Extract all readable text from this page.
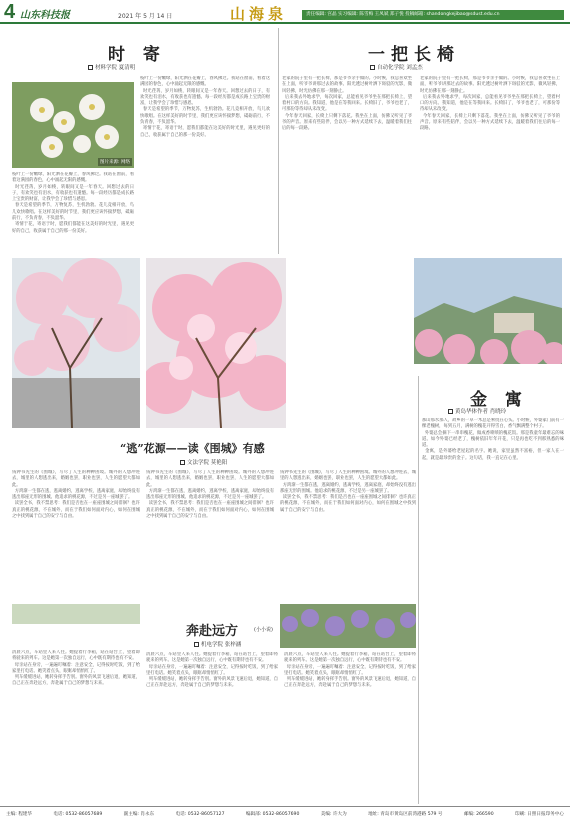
4 山东科技报	2021 年 5 月 14 日	山海泉	责任编辑: 宫晶 实习编辑: 陈雪梅 王凤斌 郑子悦 投稿邮箱: shandongkejibao@sdust.edu.cn
时 寄
材料学院 夏清明
图片来源: 网络
枝叶上一份嫩绿，阳光洒在花瓣上，春风拂过。我站在窗前，看着这满园的春色，心中涌起无限的感慨。
时光荏苒，岁月如梭，转眼间又是一年春天。回想过去的日子，有欢笑也有泪水，有收获也有遗憾。每一段经历都是成长路上宝贵的财富，让我学会了珍惜与感恩。
春天是希望的季节，万物复苏，生机勃勃。花儿竞相开放，鸟儿欢快歌唱。在这样美好的时节里，我们更应该怀揣梦想，砥砺前行，不负青春，不负韶华。
寄情于花，寄语于时，愿我们都能在这美好的时光里，遇见更好的自己，收获属于自己的那一份美好。
枝叶上一份嫩绿，阳光洒在花瓣上，春风拂过。我站在窗前，看着这满园的春色，心中涌起无限的感慨。
时光荏苒，岁月如梭，转眼间又是一年春天。回想过去的日子，有欢笑也有泪水，有收获也有遗憾。每一段经历都是成长路上宝贵的财富，让我学会了珍惜与感恩。
春天是希望的季节，万物复苏，生机勃勃。花儿竞相开放，鸟儿欢快歌唱。在这样美好的时节里，我们更应该怀揣梦想，砥砺前行，不负青春，不负韶华。
寄情于花，寄语于时，愿我们都能在这美好的时光里，遇见更好的自己，收获属于自己的那一份美好。
一把长椅
自动化学院 刘孟杰
老家的院子里有一把长椅，那是爷爷亲手做的。小时候，我总喜欢坐在上面，听爷爷讲那过去的故事。阳光透过树叶洒下斑驳的光影，微风轻拂，时光仿佛在那一刻静止。
后来我去外地求学，每次回家，总能看见爷爷坐在那把长椅上，望着村口的方向。我知道，他是在等我回来。长椅旧了，爷爷也老了，可那份等待却从未改变。
今年春天回家，长椅上只剩下落花。我坐在上面，仿佛又听见了爷爷的声音。原来有些陪伴，会以另一种方式延续下去，温暖着我们往后的每一段路。
老家的院子里有一把长椅，那是爷爷亲手做的。小时候，我总喜欢坐在上面，听爷爷讲那过去的故事。阳光透过树叶洒下斑驳的光影，微风轻拂，时光仿佛在那一刻静止。
后来我去外地求学，每次回家，总能看见爷爷坐在那把长椅上，望着村口的方向。我知道，他是在等我回来。长椅旧了，爷爷也老了，可那份等待却从未改变。
今年春天回家，长椅上只剩下落花。我坐在上面，仿佛又听见了爷爷的声音。原来有些陪伴，会以另一种方式延续下去，温暖着我们往后的每一段路。
金 寓
黄岛华体作者 肖晓玲
那山那水那人，故乡的一草一木总是萦绕在心头。小时候，外婆家门前有一棵老槐树，每到五月，满树的槐花开得雪白，香气飘满整个村子。
外婆总会摘下一串串槐花，做成香喷喷的槐花饭。那是我童年最难忘的味道。如今外婆已经老了，槐树依旧年年开花，只是再也吃不到那熟悉的味道。
金寓，是外婆给老屋起的名字。她说，家里虽然不富裕，但一家人在一起，就是最珍贵的金子。这句话，我一直记在心里。
“逃”花源——读《围城》有感
文法学院 莫艳阳
钱钟书先生的《围城》，写尽了人生的种种困境。城外的人想冲进去，城里的人想逃出来，婚姻也罢，职业也罢，人生的愿望大都如此。
方鸿渐一生都在逃，逃离婚约，逃离学校，逃离家庭，却始终没有逃出那座无形的围城。他追求的桃花源，不过是另一座城罢了。
读罢全书，我不禁思考：我们是否也在一座座围城之间徘徊？也许真正的桃花源，不在城外，而在于我们如何面对内心，如何在围城之中找到属于自己的安宁与自由。
钱钟书先生的《围城》，写尽了人生的种种困境。城外的人想冲进去，城里的人想逃出来，婚姻也罢，职业也罢，人生的愿望大都如此。
方鸿渐一生都在逃，逃离婚约，逃离学校，逃离家庭，却始终没有逃出那座无形的围城。他追求的桃花源，不过是另一座城罢了。
读罢全书，我不禁思考：我们是否也在一座座围城之间徘徊？也许真正的桃花源，不在城外，而在于我们如何面对内心，如何在围城之中找到属于自己的安宁与自由。
钱钟书先生的《围城》，写尽了人生的种种困境。城外的人想冲进去，城里的人想逃出来，婚姻也罢，职业也罢，人生的愿望大都如此。
方鸿渐一生都在逃，逃离婚约，逃离学校，逃离家庭，却始终没有逃出那座无形的围城。他追求的桃花源，不过是另一座城罢了。
读罢全书，我不禁思考：我们是否也在一座座围城之间徘徊？也许真正的桃花源，不在城外，而在于我们如何面对内心，如何在围城之中找到属于自己的安宁与自由。
奔赴远方	(小小说)
机电学院 张梓涵
清晨六点，车站里人来人往。她提着行李箱，站在站台上，望着即将驶来的列车。这是她第一次独自远行，心中既有期待也有不安。
母亲站在身旁，一遍遍叮嘱着：注意安全，记得按时吃饭，到了给家里打电话。她笑着点头，眼眶却悄悄红了。
列车缓缓进站，她转身挥手告别。窗外的风景飞速后退，她知道，自己正在奔赴远方，奔赴属于自己的梦想与未来。
清晨六点，车站里人来人往。她提着行李箱，站在站台上，望着即将驶来的列车。这是她第一次独自远行，心中既有期待也有不安。
母亲站在身旁，一遍遍叮嘱着：注意安全，记得按时吃饭，到了给家里打电话。她笑着点头，眼眶却悄悄红了。
列车缓缓进站，她转身挥手告别。窗外的风景飞速后退，她知道，自己正在奔赴远方，奔赴属于自己的梦想与未来。
清晨六点，车站里人来人往。她提着行李箱，站在站台上，望着即将驶来的列车。这是她第一次独自远行，心中既有期待也有不安。
母亲站在身旁，一遍遍叮嘱着：注意安全，记得按时吃饭，到了给家里打电话。她笑着点头，眼眶却悄悄红了。
列车缓缓进站，她转身挥手告别。窗外的风景飞速后退，她知道，自己正在奔赴远方，奔赴属于自己的梦想与未来。
主编: 程建华	电话: 0532-86057689	副主编: 肖永东	电话: 0532-86057127	编辑部: 0532-86057690	美编: 许大为	地址: 青岛市黄岛区前湾港路 579 号	邮编: 266590	印刷: 日照日报印务中心
